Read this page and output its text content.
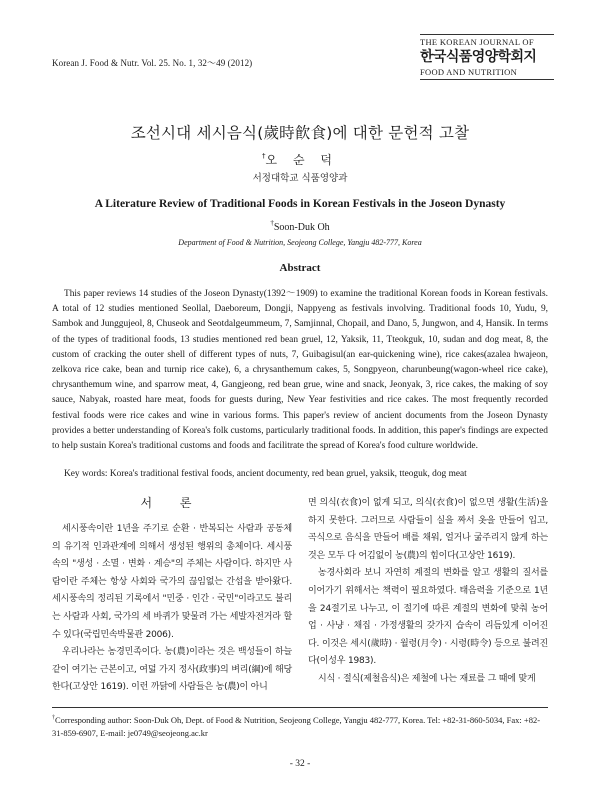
Korean J. Food & Nutr. Vol. 25. No. 1, 32～49 (2012)
THE KOREAN JOURNAL OF
한국식품영양학회지
FOOD AND NUTRITION
조선시대 세시음식(歲時飮食)에 대한 문헌적 고찰
†오 순 덕
서정대학교 식품영양과
A Literature Review of Traditional Foods in Korean Festivals in the Joseon Dynasty
†Soon-Duk Oh
Department of Food & Nutrition, Seojeong College, Yangju 482-777, Korea
Abstract

This paper reviews 14 studies of the Joseon Dynasty(1392～1909) to examine the traditional Korean foods in Korean festivals. A total of 12 studies mentioned Seollal, Daeboreum, Dongji, Nappyeng as festivals involving. Traditional foods 10, Yudu, 9, Sambok and Junggujeol, 8, Chuseok and Seotdalgeummeum, 7, Samjinnal, Chopail, and Dano, 5, Jungwon, and 4, Hansik. In terms of the types of traditional foods, 13 studies mentioned red bean gruel, 12, Yaksik, 11, Tteokguk, 10, sudan and dog meat, 8, the custom of cracking the outer shell of different types of nuts, 7, Guibagisul(an ear-quickening wine), rice cakes(azalea hwajeon, zelkova rice cake, bean and turnip rice cake), 6, a chrysanthemum cakes, 5, Songpyeon, charunbeung(wagon-wheel rice cake), chrysanthemum wine, and sparrow meat, 4, Gangjeong, red bean grue, wine and snack, Jeonyak, 3, rice cakes, the making of soy sauce, Nabyak, roasted hare meat, foods for guests during, New Year festivities and rice cakes. The most frequently recorded festival foods were rice cakes and wine in various forms. This paper's review of ancient documents from the Joseon Dynasty provides a better understanding of Korea's folk customs, particularly traditional foods. In addition, this paper's findings are expected to help sustain Korea's traditional customs and foods and facilitrate the spread of Korea's food culture worldwide.

Key words: Korea's traditional festival foods, ancient documenty, red bean gruel, yaksik, tteoguk, dog meat

서 론

세시풍속이란 1년을 주기로 순환 · 반복되는 사람과 공동체의 유기적 인과관계에 의해서 생성된 행위의 총체이다. 세시풍속의 "생성 · 소멸 · 변화 · 계승"의 주체는 사람이다. 하지만 사람이란 주체는 항상 사회와 국가의 끊임없는 간섭을 받아왔다. 세시풍속의 정리된 기록에서 "민중 · 인간 · 국민"이라고도 불리는 사람과 사회, 국가의 세 바퀴가 맞물려 가는 세발자전거라 할 수 있다(국립민속박물관 2006).

우리나라는 농경민족이다. 농(農)이라는 것은 백성들이 하늘같이 여기는 근본이고, 여덟 가지 정사(政事)의 벼리(綱)에 해당한다(고상안 1619). 이런 까닭에 사람들은 농(農)이 아니

면 의식(衣食)이 없게 되고, 의식(衣食)이 없으면 생활(生活)을 하지 못한다. 그러므로 사람들이 실을 짜서 옷을 만들어 입고, 곡식으로 음식을 만들어 배를 채워, 얼거나 굶주리지 않게 하는 것은 모두 다 어김없이 농(農)의 힘이다(고상안 1619).

농경사회라 보니 자연히 계절의 변화를 알고 생활의 질서를 이어가기 위해서는 책력이 필요하였다. 태음력을 기준으로 1년을 24절기로 나누고, 이 절기에 따른 계절의 변화에 맞춰 농어업 · 사냥 · 채집 · 가정생활의 갖가지 습속이 리듬있게 이어진다. 이것은 세시(歲時) · 월령(月令) · 시령(時令) 등으로 불려진다(이성우 1983).

시식 · 절식(제철음식)은 제철에 나는 재료를 그 때에 맞게

†Corresponding author: Soon-Duk Oh, Dept. of Food & Nutrition, Seojeong College, Yangju 482-777, Korea. Tel: +82-31-860-5034, Fax: +82-31-859-6907, E-mail: je0749@seojeong.ac.kr

- 32 -
